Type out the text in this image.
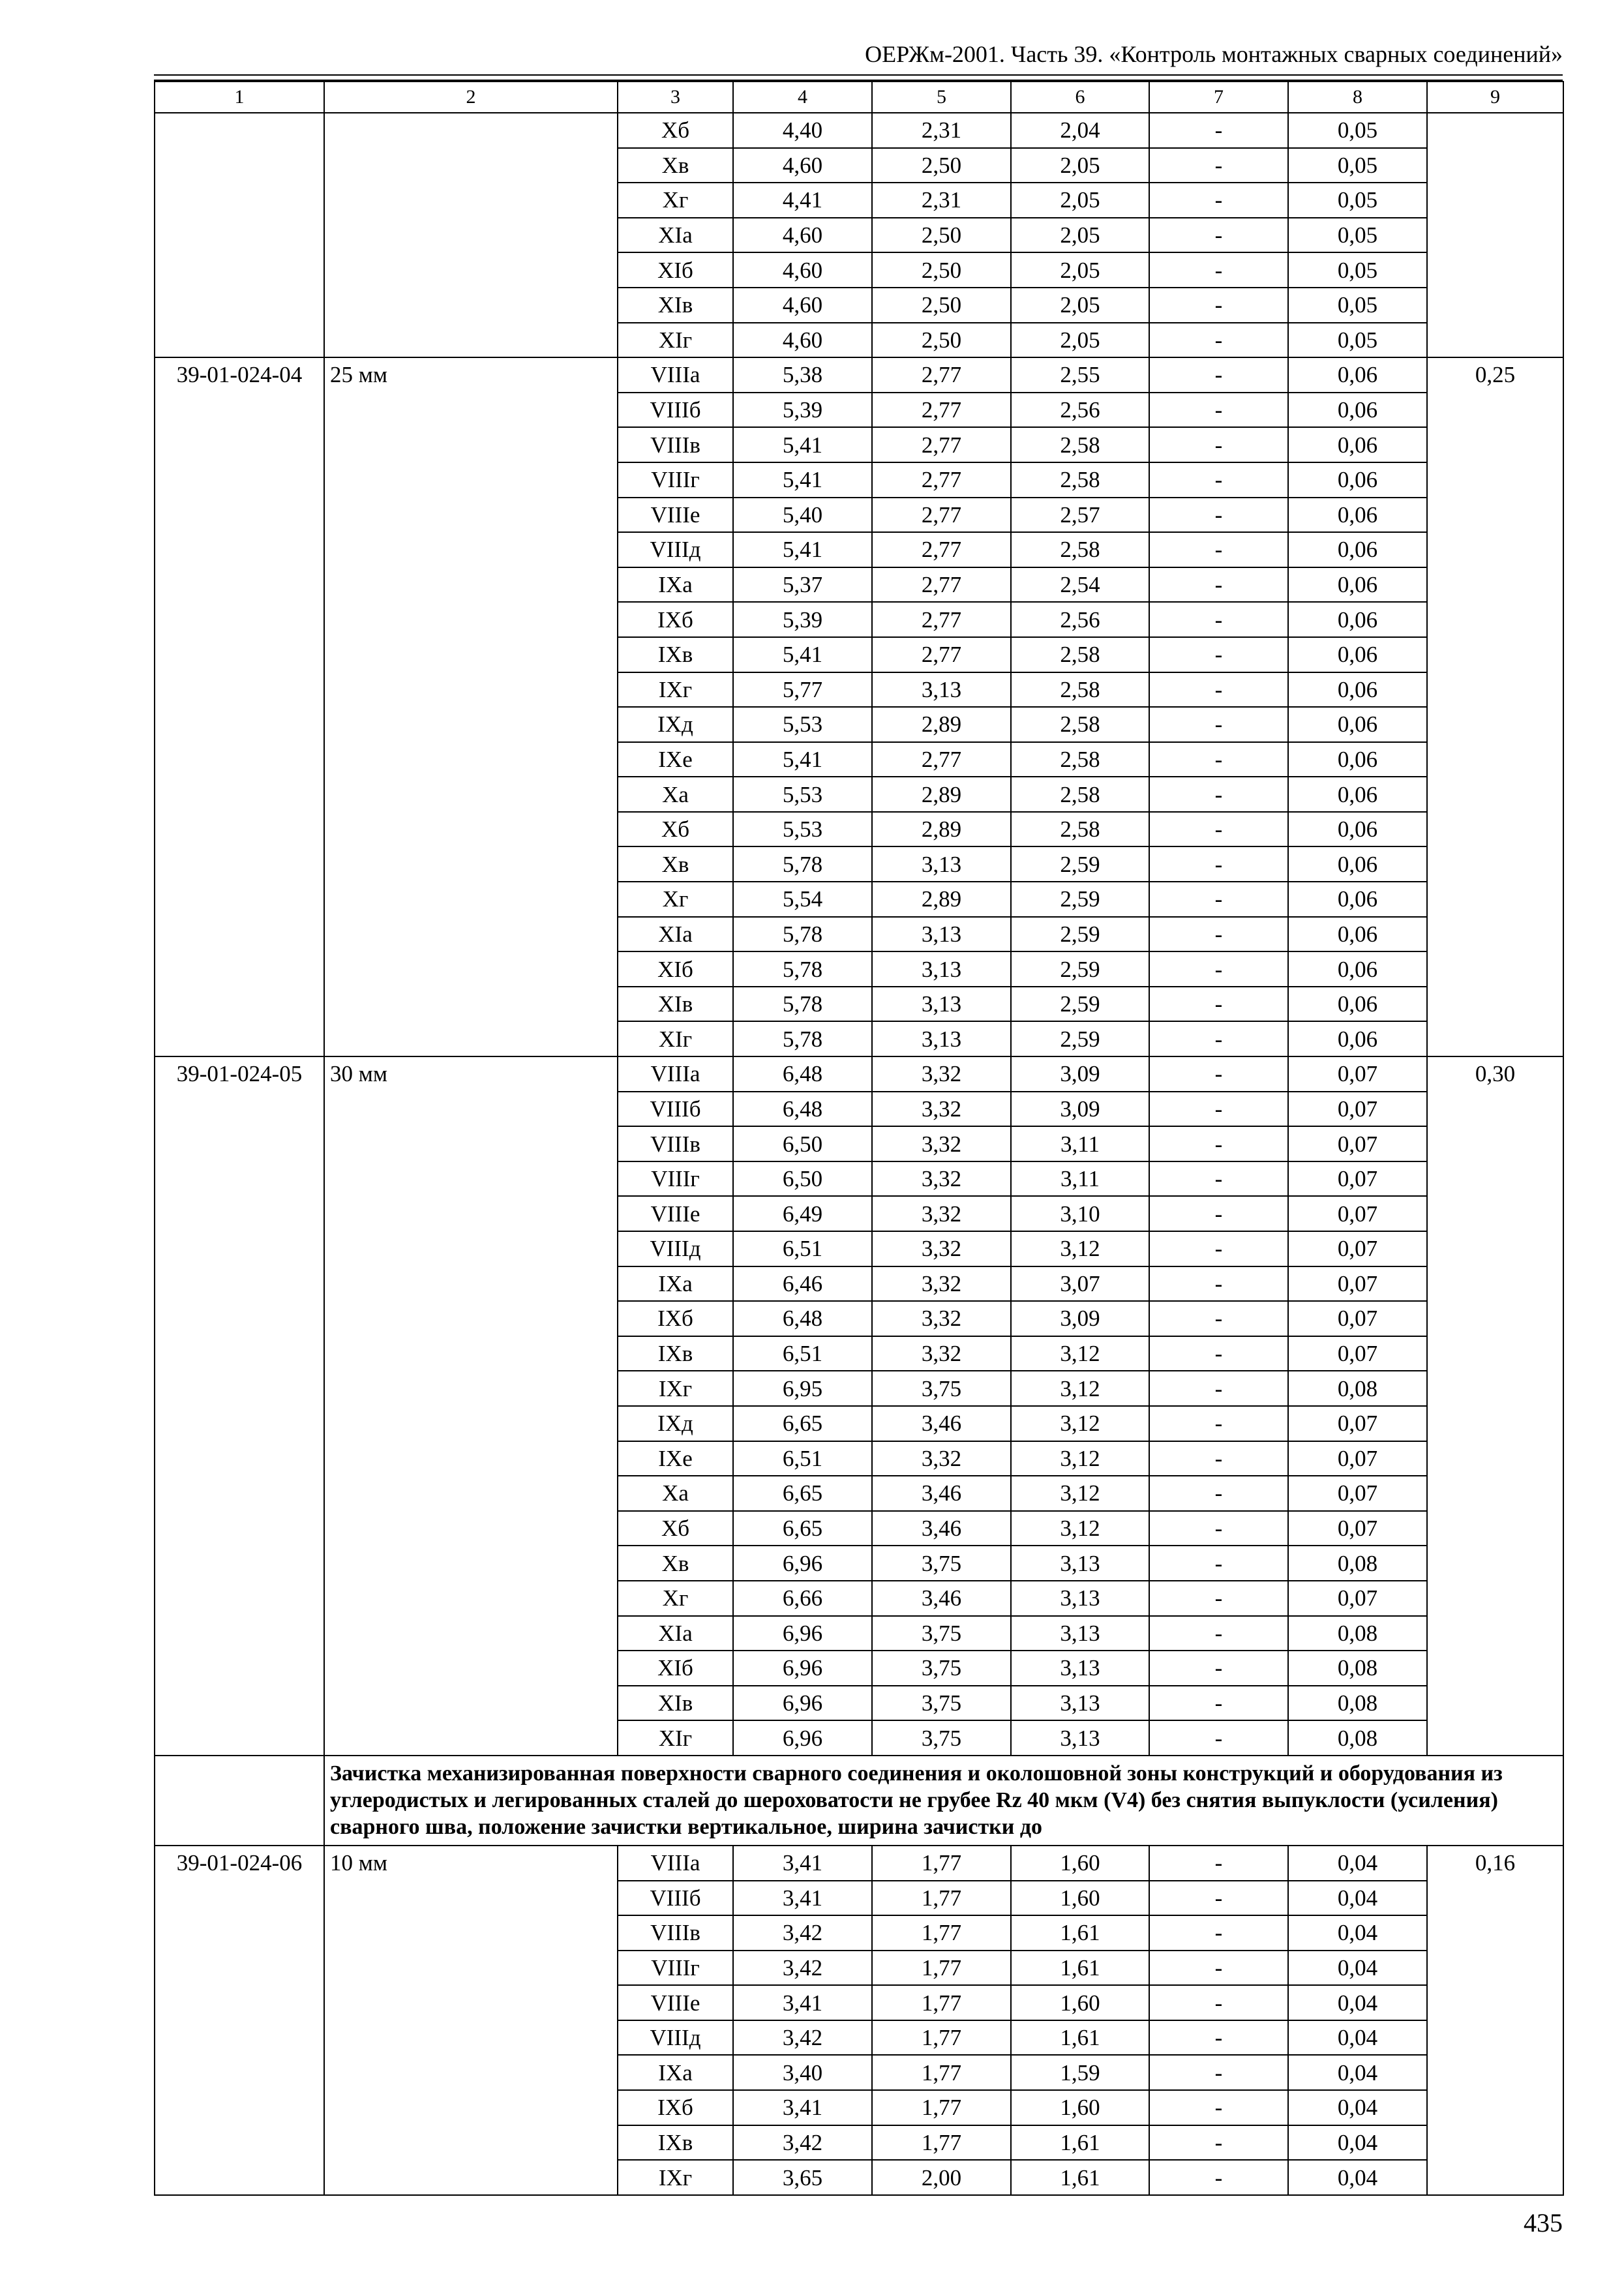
ОЕРЖм-2001. Часть 39. «Контроль монтажных сварных соединений»
1	2	3	4	5	6	7	8	9
		Хб	4,40	2,31	2,04	-	0,05	
		Хв	4,60	2,50	2,05	-	0,05	
		Хг	4,41	2,31	2,05	-	0,05	
		ХIа	4,60	2,50	2,05	-	0,05	
		ХIб	4,60	2,50	2,05	-	0,05	
		ХIв	4,60	2,50	2,05	-	0,05	
		ХIг	4,60	2,50	2,05	-	0,05	
39-01-024-04	25 мм	VIIIа	5,38	2,77	2,55	-	0,06	0,25
		VIIIб	5,39	2,77	2,56	-	0,06	
		VIIIв	5,41	2,77	2,58	-	0,06	
		VIIIг	5,41	2,77	2,58	-	0,06	
		VIIIе	5,40	2,77	2,57	-	0,06	
		VIIIд	5,41	2,77	2,58	-	0,06	
		IХа	5,37	2,77	2,54	-	0,06	
		IХб	5,39	2,77	2,56	-	0,06	
		IХв	5,41	2,77	2,58	-	0,06	
		IХг	5,77	3,13	2,58	-	0,06	
		IХд	5,53	2,89	2,58	-	0,06	
		IХе	5,41	2,77	2,58	-	0,06	
		Ха	5,53	2,89	2,58	-	0,06	
		Хб	5,53	2,89	2,58	-	0,06	
		Хв	5,78	3,13	2,59	-	0,06	
		Хг	5,54	2,89	2,59	-	0,06	
		ХIа	5,78	3,13	2,59	-	0,06	
		ХIб	5,78	3,13	2,59	-	0,06	
		ХIв	5,78	3,13	2,59	-	0,06	
		ХIг	5,78	3,13	2,59	-	0,06	
39-01-024-05	30 мм	VIIIа	6,48	3,32	3,09	-	0,07	0,30
		VIIIб	6,48	3,32	3,09	-	0,07	
		VIIIв	6,50	3,32	3,11	-	0,07	
		VIIIг	6,50	3,32	3,11	-	0,07	
		VIIIе	6,49	3,32	3,10	-	0,07	
		VIIIд	6,51	3,32	3,12	-	0,07	
		IХа	6,46	3,32	3,07	-	0,07	
		IХб	6,48	3,32	3,09	-	0,07	
		IХв	6,51	3,32	3,12	-	0,07	
		IХг	6,95	3,75	3,12	-	0,08	
		IХд	6,65	3,46	3,12	-	0,07	
		IХе	6,51	3,32	3,12	-	0,07	
		Ха	6,65	3,46	3,12	-	0,07	
		Хб	6,65	3,46	3,12	-	0,07	
		Хв	6,96	3,75	3,13	-	0,08	
		Хг	6,66	3,46	3,13	-	0,07	
		ХIа	6,96	3,75	3,13	-	0,08	
		ХIб	6,96	3,75	3,13	-	0,08	
		ХIв	6,96	3,75	3,13	-	0,08	
		ХIг	6,96	3,75	3,13	-	0,08	
	Зачистка механизированная поверхности сварного соединения и околошовной зоны конструкций и оборудования из углеродистых и легированных сталей до шероховатости не грубее Rz 40 мкм (V4) без снятия выпуклости (усиления) сварного шва, положение зачистки вертикальное, ширина зачистки до							
39-01-024-06	10 мм	VIIIа	3,41	1,77	1,60	-	0,04	0,16
		VIIIб	3,41	1,77	1,60	-	0,04	
		VIIIв	3,42	1,77	1,61	-	0,04	
		VIIIг	3,42	1,77	1,61	-	0,04	
		VIIIе	3,41	1,77	1,60	-	0,04	
		VIIIд	3,42	1,77	1,61	-	0,04	
		IХа	3,40	1,77	1,59	-	0,04	
		IХб	3,41	1,77	1,60	-	0,04	
		IХв	3,42	1,77	1,61	-	0,04	
		IХг	3,65	2,00	1,61	-	0,04	
435
